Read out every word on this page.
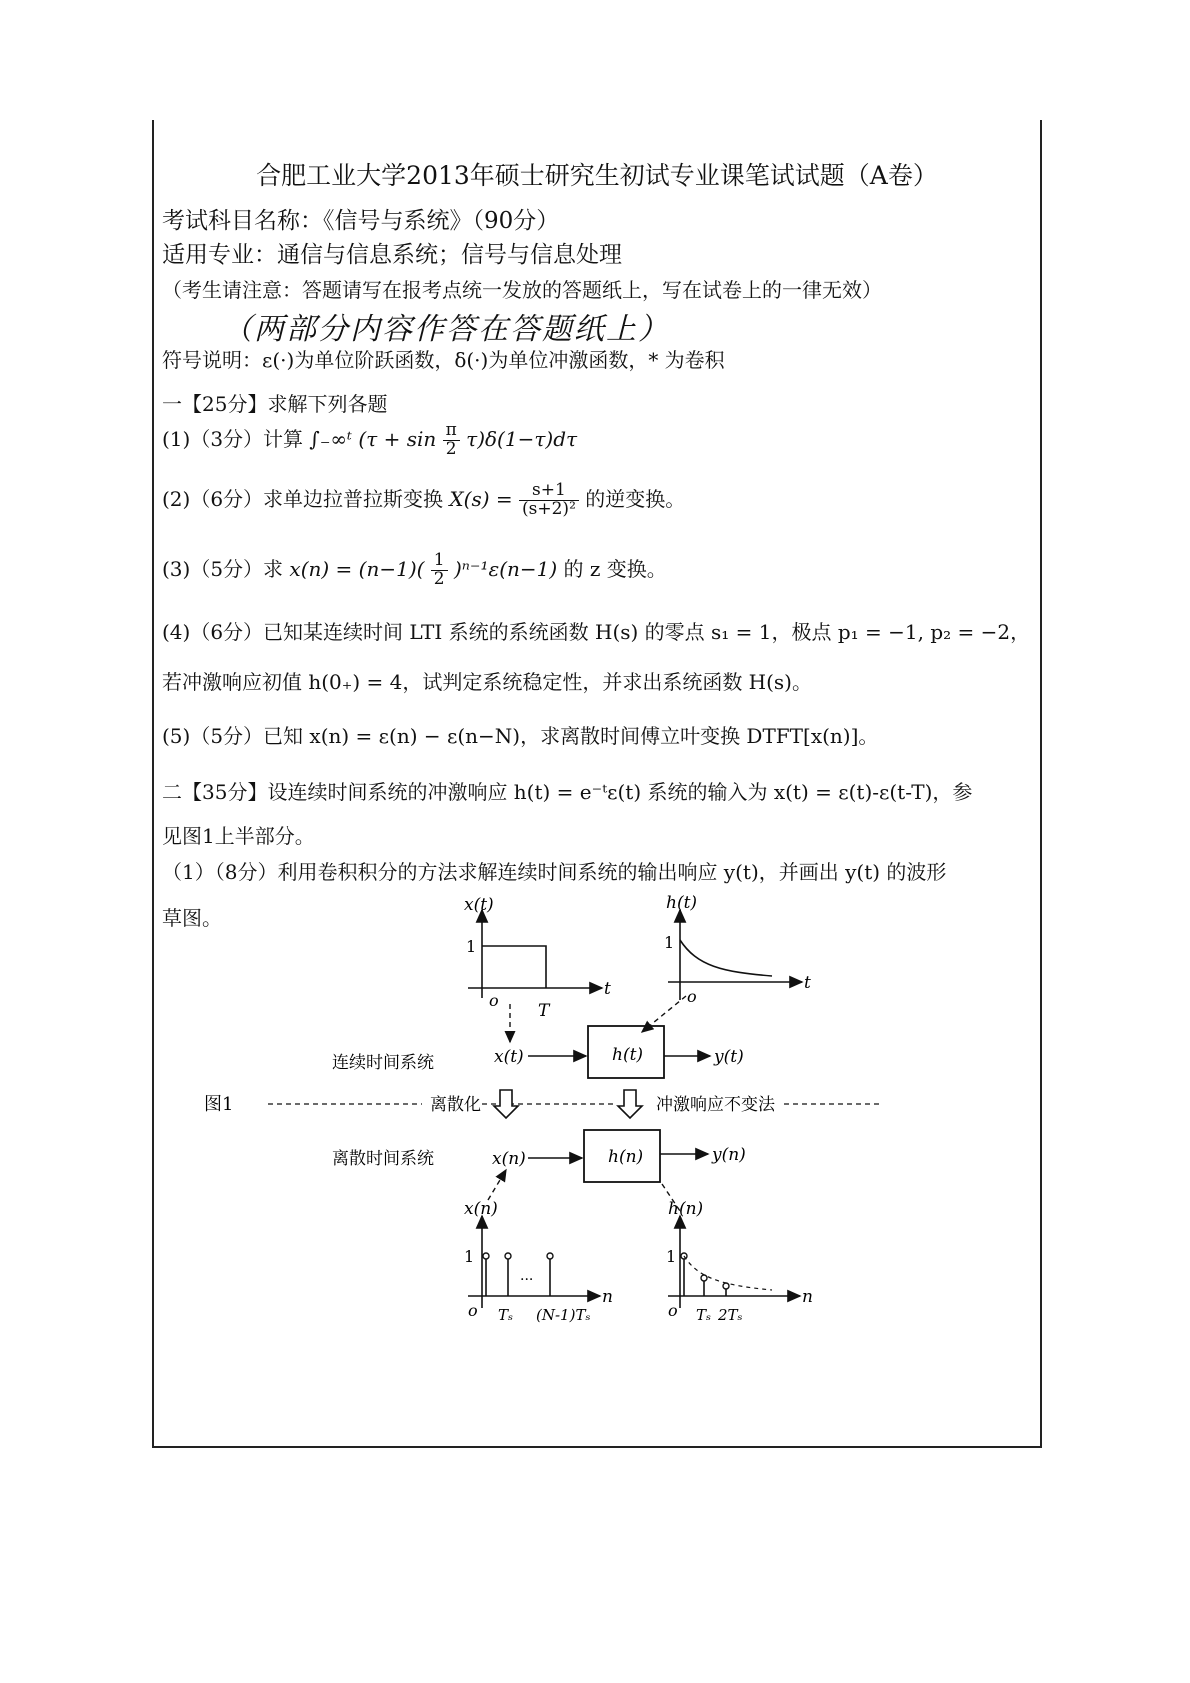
合肥工业大学2013年硕士研究生初试专业课笔试试题（A卷）
考试科目名称：《信号与系统》（90分）
适用专业：通信与信息系统；信号与信息处理
（考生请注意：答题请写在报考点统一发放的答题纸上，写在试卷上的一律无效）
（两部分内容作答在答题纸上）
符号说明：ε(·)为单位阶跃函数，δ(·)为单位冲激函数，* 为卷积
一【25分】求解下列各题
(1)（3分）计算 ∫₋∞ᵗ $(\tau + \sin \frac{\pi}{2} \tau)\delta(1-\tau)d\tau$
(2)（6分）求单边拉普拉斯变换 $X(s) = \frac{s+1}{\text{(s+2)²}}$ 的逆变换。
(3)（5分）求 $x(n) = (n-1)( \frac{1}{2} )^{n-1}\varepsilon(n-1)$ 的 z 变换。
(4)（6分）已知某连续时间 LTI 系统的系统函数 H(s) 的零点 s₁ = 1，极点 p₁ = −1, p₂ = −2，
若冲激响应初值 h(0₊) = 4，试判定系统稳定性，并求出系统函数 H(s)。
(5)（5分）已知 x(n) = ε(n) − ε(n−N)，求离散时间傅立叶变换 DTFT[x(n)]。
二【35分】设连续时间系统的冲激响应 h(t) = e⁻ᵗε(t) 系统的输入为 x(t) = ε(t)-ε(t-T)，参
见图1上半部分。
（1）（8分）利用卷积积分的方法求解连续时间系统的输出响应 y(t)，并画出 y(t) 的波形
草图。
x(t)
1
o
T
t
h(t)
1
o
t
连续时间系统	x(t)	h(t)	y(t)
图1	离散化	冲激响应不变法
离散时间系统	x(n)	h(n)	y(n)
x(n)
1
...
o Tₛ (N-1)Tₛ
n
h(n)
1
o Tₛ 2Tₛ
n
